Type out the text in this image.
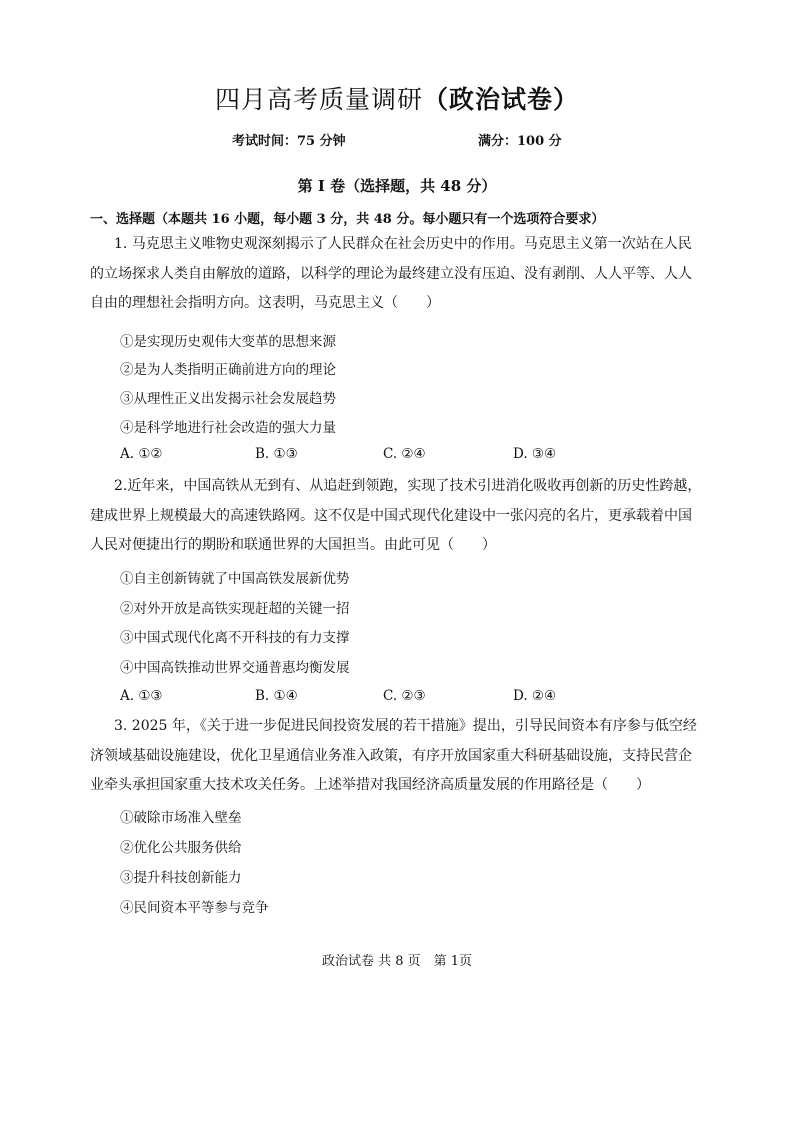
四月高考质量调研（政治试卷）
考试时间：75 分钟	满分：100 分
第 I 卷（选择题，共 48 分）
一、选择题（本题共 16 小题，每小题 3 分，共 48 分。每小题只有一个选项符合要求）
1. 马克思主义唯物史观深刻揭示了人民群众在社会历史中的作用。马克思主义第一次站在人民的立场探求人类自由解放的道路，以科学的理论为最终建立没有压迫、没有剥削、人人平等、人人自由的理想社会指明方向。这表明，马克思主义（　　）
①是实现历史观伟大变革的思想来源
②是为人类指明正确前进方向的理论
③从理性正义出发揭示社会发展趋势
④是科学地进行社会改造的强大力量
A. ①②	B. ①③	C. ②④	D. ③④
2.近年来，中国高铁从无到有、从追赶到领跑，实现了技术引进消化吸收再创新的历史性跨越，建成世界上规模最大的高速铁路网。这不仅是中国式现代化建设中一张闪亮的名片，更承载着中国人民对便捷出行的期盼和联通世界的大国担当。由此可见（　　）
①自主创新铸就了中国高铁发展新优势
②对外开放是高铁实现赶超的关键一招
③中国式现代化离不开科技的有力支撑
④中国高铁推动世界交通普惠均衡发展
A. ①③	B. ①④	C. ②③	D. ②④
3. 2025 年，《关于进一步促进民间投资发展的若干措施》提出，引导民间资本有序参与低空经济领域基础设施建设，优化卫星通信业务准入政策，有序开放国家重大科研基础设施，支持民营企业牵头承担国家重大技术攻关任务。上述举措对我国经济高质量发展的作用路径是（　　）
①破除市场准入壁垒
②优化公共服务供给
③提升科技创新能力
④民间资本平等参与竞争
政治试卷 共 8 页　第 1页
